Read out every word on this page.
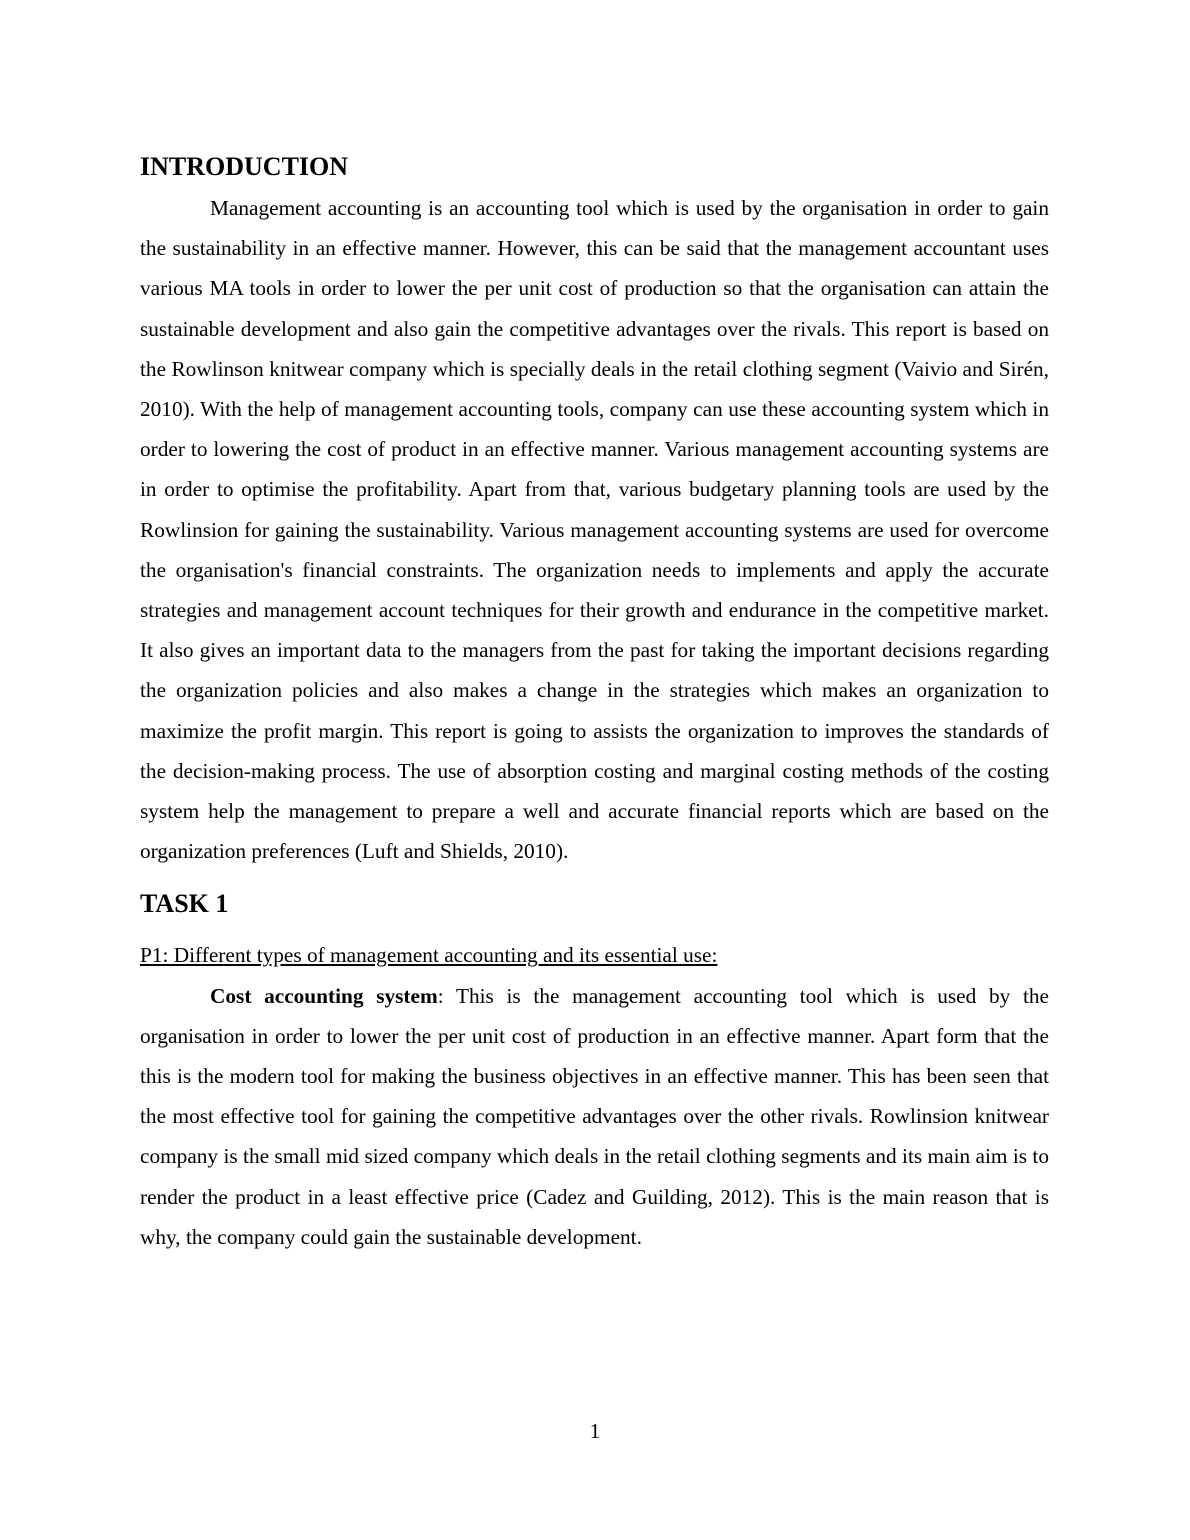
INTRODUCTION

Management accounting is an accounting tool which is used by the organisation in order to gain the sustainability in an effective manner. However, this can be said that the management accountant uses various MA tools in order to lower the per unit cost of production so that the organisation can attain the sustainable development and also gain the competitive advantages over the rivals. This report is based on the Rowlinson knitwear company which is specially deals in the retail clothing segment (Vaivio and Sirén, 2010). With the help of management accounting tools, company can use these accounting system which in order to lowering the cost of product in an effective manner. Various management accounting systems are in order to optimise the profitability. Apart from that, various budgetary planning tools are used by the Rowlinsion for gaining the sustainability. Various management accounting systems are used for overcome the organisation's financial constraints. The organization needs to implements and apply the accurate strategies and management account techniques for their growth and endurance in the competitive market. It also gives an important data to the managers from the past for taking the important decisions regarding the organization policies and also makes a change in the strategies which makes an organization to maximize the profit margin. This report is going to assists the organization to improves the standards of the decision-making process. The use of absorption costing and marginal costing methods of the costing system help the management to prepare a well and accurate financial reports which are based on the organization preferences (Luft and Shields, 2010).

TASK 1

P1: Different types of management accounting and its essential use:

Cost accounting system: This is the management accounting tool which is used by the organisation in order to lower the per unit cost of production in an effective manner. Apart form that the this is the modern tool for making the business objectives in an effective manner. This has been seen that the most effective tool for gaining the competitive advantages over the other rivals. Rowlinsion knitwear company is the small mid sized company which deals in the retail clothing segments and its main aim is to render the product in a least effective price (Cadez and Guilding, 2012). This is the main reason that is why, the company could gain the sustainable development.

1
